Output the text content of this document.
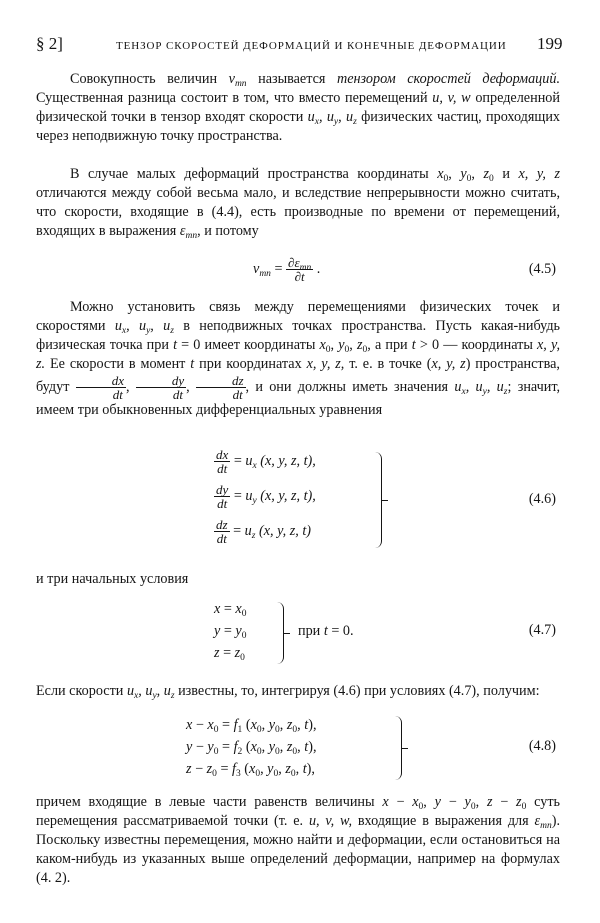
§ 2]	ТЕНЗОР СКОРОСТЕЙ ДЕФОРМАЦИЙ И КОНЕЧНЫЕ ДЕФОРМАЦИИ 199

Совокупность величин $v_{mn}$ называется тензором скоростей деформаций. Существенная разница состоит в том, что вместо перемещений u, v, w определенной физической точки в тензор входят скорости $u_x$, $u_y$, $u_z$ физических частиц, проходящих через неподвижную точку пространства.

В случае малых деформаций пространства координаты $x_0$, $y_0$, $z_0$ и x, y, z отличаются между собой весьма мало, и вследствие непрерывности можно считать, что скорости, входящие в (4.4), есть производные по времени от перемещений, входящих в выражения $\varepsilon_{mn}$, и потому

$v_{mn} = \frac{\partial\varepsilon_{mn}}{\partial t}$ .	(4.5)

Можно установить связь между перемещениями физических точек и скоростями $u_x$, $u_y$, $u_z$ в неподвижных точках пространства. Пусть какая-нибудь физическая точка при t = 0 имеет координаты $x_0$, $y_0$, $z_0$, а при t > 0 — координаты x, y, z. Ее скорости в момент t при координатах x, y, z, т. е. в точке (x, y, z) пространства, будут $\frac{dx}{dt}$ , $\frac{dy}{dt}$ , $\frac{dz}{dt}$ , и они должны иметь значения $u_x$, $u_y$, $u_z$; значит, имеем три обыкновенных дифференциальных уравнения

$\frac{dx}{dt} = u_x$ (x, y, z, t),
$\frac{dy}{dt} = u_y$ (x, y, z, t),
$\frac{dz}{dt} = u_z$ (x, y, z, t)
(4.6)

и три начальных условия

$x = x_0$
$y = y_0$
$z = z_0$
при t = 0.	(4.7)

Если скорости $u_x$, $u_y$, $u_z$ известны, то, интегрируя (4.6) при условиях (4.7), получим:

$x - x_0 = f_1$ ($x_0$, $y_0$, $z_0$, t),
$y - y_0 = f_2$ ($x_0$, $y_0$, $z_0$, t),
$z - z_0 = f_3$ ($x_0$, $y_0$, $z_0$, t),
(4.8)

причем входящие в левые части равенств величины $x - x_0$, $y - y_0$, $z - z_0$ суть перемещения рассматриваемой точки (т. е. u, v, w, входящие в выражения для $\varepsilon_{mn}$). Поскольку известны перемещения, можно найти и деформации, если остановиться на каком-нибудь из указанных выше определений деформации, например на формулах (4. 2).
